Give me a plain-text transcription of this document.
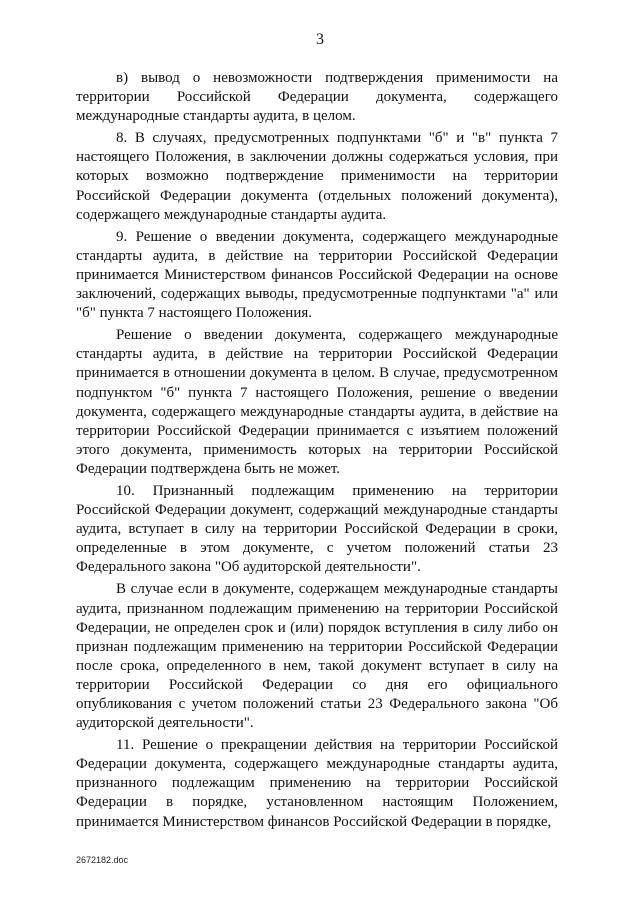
3

в) вывод о невозможности подтверждения применимости на территории Российской Федерации документа, содержащего международные стандарты аудита, в целом.

8. В случаях, предусмотренных подпунктами "б" и "в" пункта 7 настоящего Положения, в заключении должны содержаться условия, при которых возможно подтверждение применимости на территории Российской Федерации документа (отдельных положений документа), содержащего международные стандарты аудита.

9. Решение о введении документа, содержащего международные стандарты аудита, в действие на территории Российской Федерации принимается Министерством финансов Российской Федерации на основе заключений, содержащих выводы, предусмотренные подпунктами "а" или "б" пункта 7 настоящего Положения.

Решение о введении документа, содержащего международные стандарты аудита, в действие на территории Российской Федерации принимается в отношении документа в целом. В случае, предусмотренном подпунктом "б" пункта 7 настоящего Положения, решение о введении документа, содержащего международные стандарты аудита, в действие на территории Российской Федерации принимается с изъятием положений этого документа, применимость которых на территории Российской Федерации подтверждена быть не может.

10. Признанный подлежащим применению на территории Российской Федерации документ, содержащий международные стандарты аудита, вступает в силу на территории Российской Федерации в сроки, определенные в этом документе, с учетом положений статьи 23 Федерального закона "Об аудиторской деятельности".

В случае если в документе, содержащем международные стандарты аудита, признанном подлежащим применению на территории Российской Федерации, не определен срок и (или) порядок вступления в силу либо он признан подлежащим применению на территории Российской Федерации после срока, определенного в нем, такой документ вступает в силу на территории Российской Федерации со дня его официального опубликования с учетом положений статьи 23 Федерального закона "Об аудиторской деятельности".

11. Решение о прекращении действия на территории Российской Федерации документа, содержащего международные стандарты аудита, признанного подлежащим применению на территории Российской Федерации в порядке, установленном настоящим Положением, принимается Министерством финансов Российской Федерации в порядке,

2672182.doc
